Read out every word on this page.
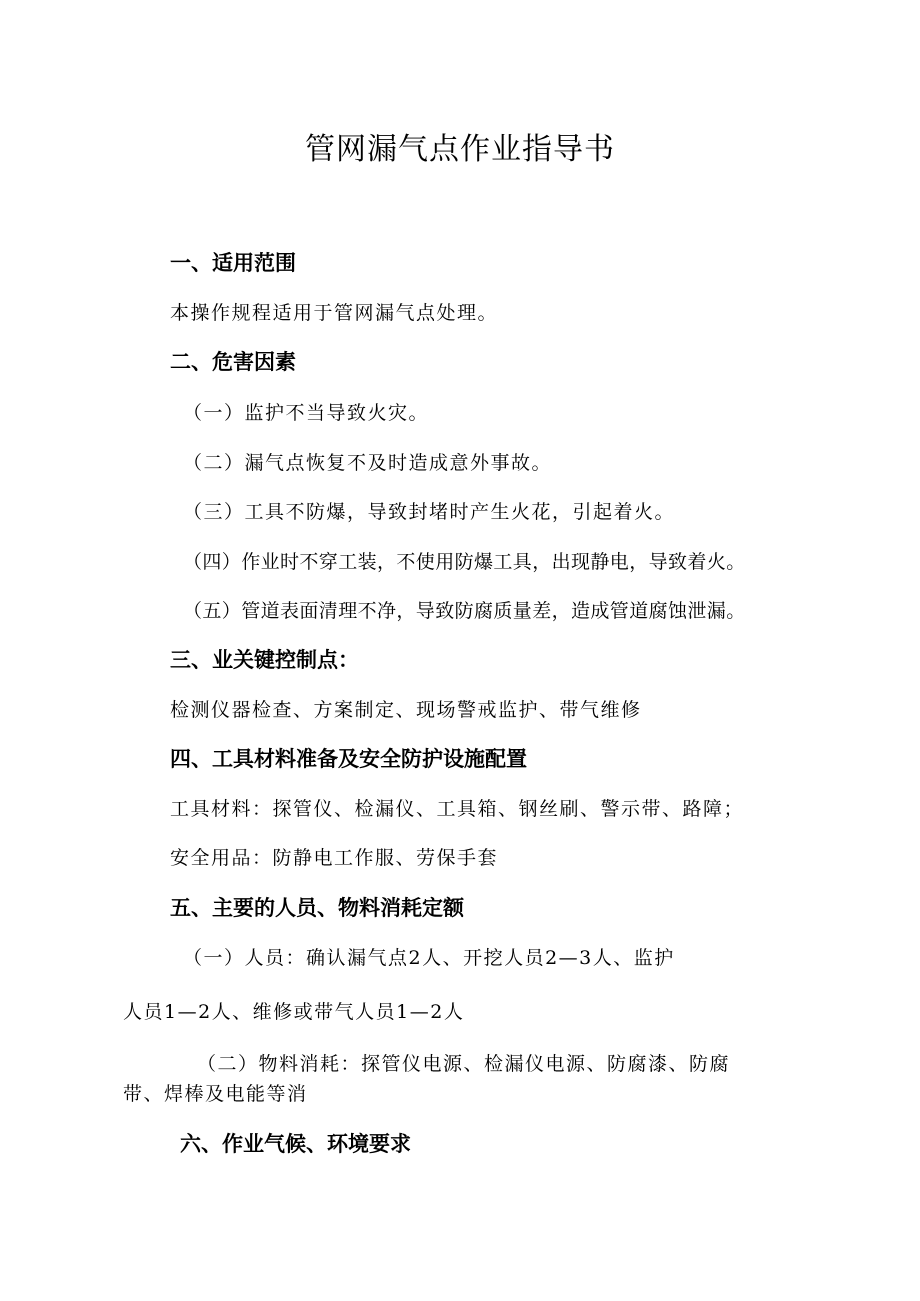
管网漏气点作业指导书
一、适用范围
本操作规程适用于管网漏气点处理。
二、危害因素
（一）监护不当导致火灾。
（二）漏气点恢复不及时造成意外事故。
（三）工具不防爆，导致封堵时产生火花，引起着火。
（四）作业时不穿工装，不使用防爆工具，出现静电，导致着火。
（五）管道表面清理不净，导致防腐质量差，造成管道腐蚀泄漏。
三、业关键控制点：
检测仪器检查、方案制定、现场警戒监护、带气维修
四、工具材料准备及安全防护设施配置
工具材料：探管仪、检漏仪、工具箱、钢丝刷、警示带、路障；
安全用品：防静电工作服、劳保手套
五、主要的人员、物料消耗定额
（一）人员：确认漏气点2人、开挖人员2—3人、监护
人员1—2人、维修或带气人员1—2人
（二）物料消耗：探管仪电源、检漏仪电源、防腐漆、防腐
带、焊棒及电能等消
六、作业气候、环境要求
